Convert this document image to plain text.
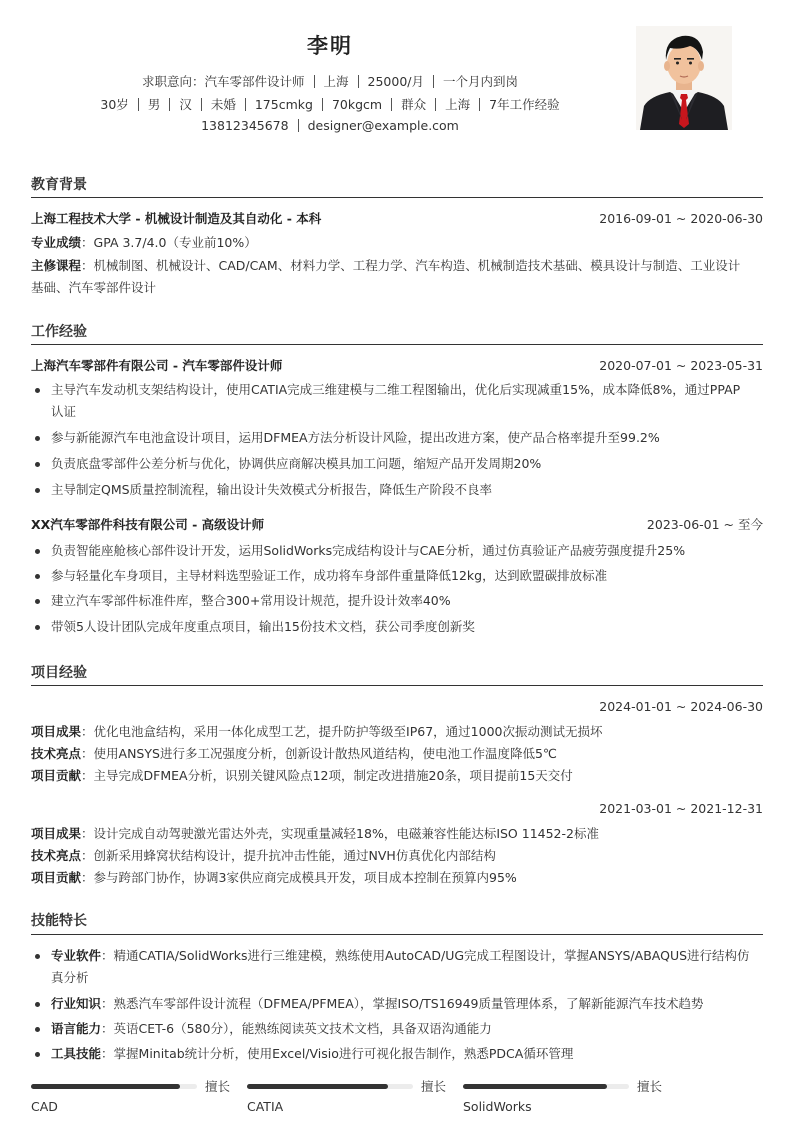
李明
求职意向：汽车零部件设计师 上海 25000/月 一个月内到岗
30岁 男 汉 未婚 175cmkg 70kgcm 群众 上海 7年工作经验
13812345678 designer@example.com
教育背景
上海工程技术大学 - 机械设计制造及其自动化 - 本科	2016-09-01 ~ 2020-06-30
专业成绩：GPA 3.7/4.0（专业前10%）
主修课程：机械制图、机械设计、CAD/CAM、材料力学、工程力学、汽车构造、机械制造技术基础、模具设计与制造、工业设计
基础、汽车零部件设计
工作经验
上海汽车零部件有限公司 - 汽车零部件设计师	2020-07-01 ~ 2023-05-31
主导汽车发动机支架结构设计，使用CATIA完成三维建模与二维工程图输出，优化后实现减重15%，成本降低8%，通过PPAP
认证
参与新能源汽车电池盒设计项目，运用DFMEA方法分析设计风险，提出改进方案，使产品合格率提升至99.2%
负责底盘零部件公差分析与优化，协调供应商解决模具加工问题，缩短产品开发周期20%
主导制定QMS质量控制流程，输出设计失效模式分析报告，降低生产阶段不良率
XX汽车零部件科技有限公司 - 高级设计师	2023-06-01 ~ 至今
负责智能座舱核心部件设计开发，运用SolidWorks完成结构设计与CAE分析，通过仿真验证产品疲劳强度提升25%
参与轻量化车身项目，主导材料选型验证工作，成功将车身部件重量降低12kg，达到欧盟碳排放标准
建立汽车零部件标准件库，整合300+常用设计规范，提升设计效率40%
带领5人设计团队完成年度重点项目，输出15份技术文档，获公司季度创新奖
项目经验
2024-01-01 ~ 2024-06-30
项目成果：优化电池盒结构，采用一体化成型工艺，提升防护等级至IP67，通过1000次振动测试无损坏
技术亮点：使用ANSYS进行多工况强度分析，创新设计散热风道结构，使电池工作温度降低5℃
项目贡献：主导完成DFMEA分析，识别关键风险点12项，制定改进措施20条，项目提前15天交付
2021-03-01 ~ 2021-12-31
项目成果：设计完成自动驾驶激光雷达外壳，实现重量减轻18%，电磁兼容性能达标ISO 11452-2标准
技术亮点：创新采用蜂窝状结构设计，提升抗冲击性能，通过NVH仿真优化内部结构
项目贡献：参与跨部门协作，协调3家供应商完成模具开发，项目成本控制在预算内95%
技能特长
专业软件：精通CATIA/SolidWorks进行三维建模，熟练使用AutoCAD/UG完成工程图设计，掌握ANSYS/ABAQUS进行结构仿
真分析
行业知识：熟悉汽车零部件设计流程（DFMEA/PFMEA），掌握ISO/TS16949质量管理体系，了解新能源汽车技术趋势
语言能力：英语CET-6（580分），能熟练阅读英文技术文档，具备双语沟通能力
工具技能：掌握Minitab统计分析，使用Excel/Visio进行可视化报告制作，熟悉PDCA循环管理
擅长
CAD
擅长
CATIA
擅长
SolidWorks
